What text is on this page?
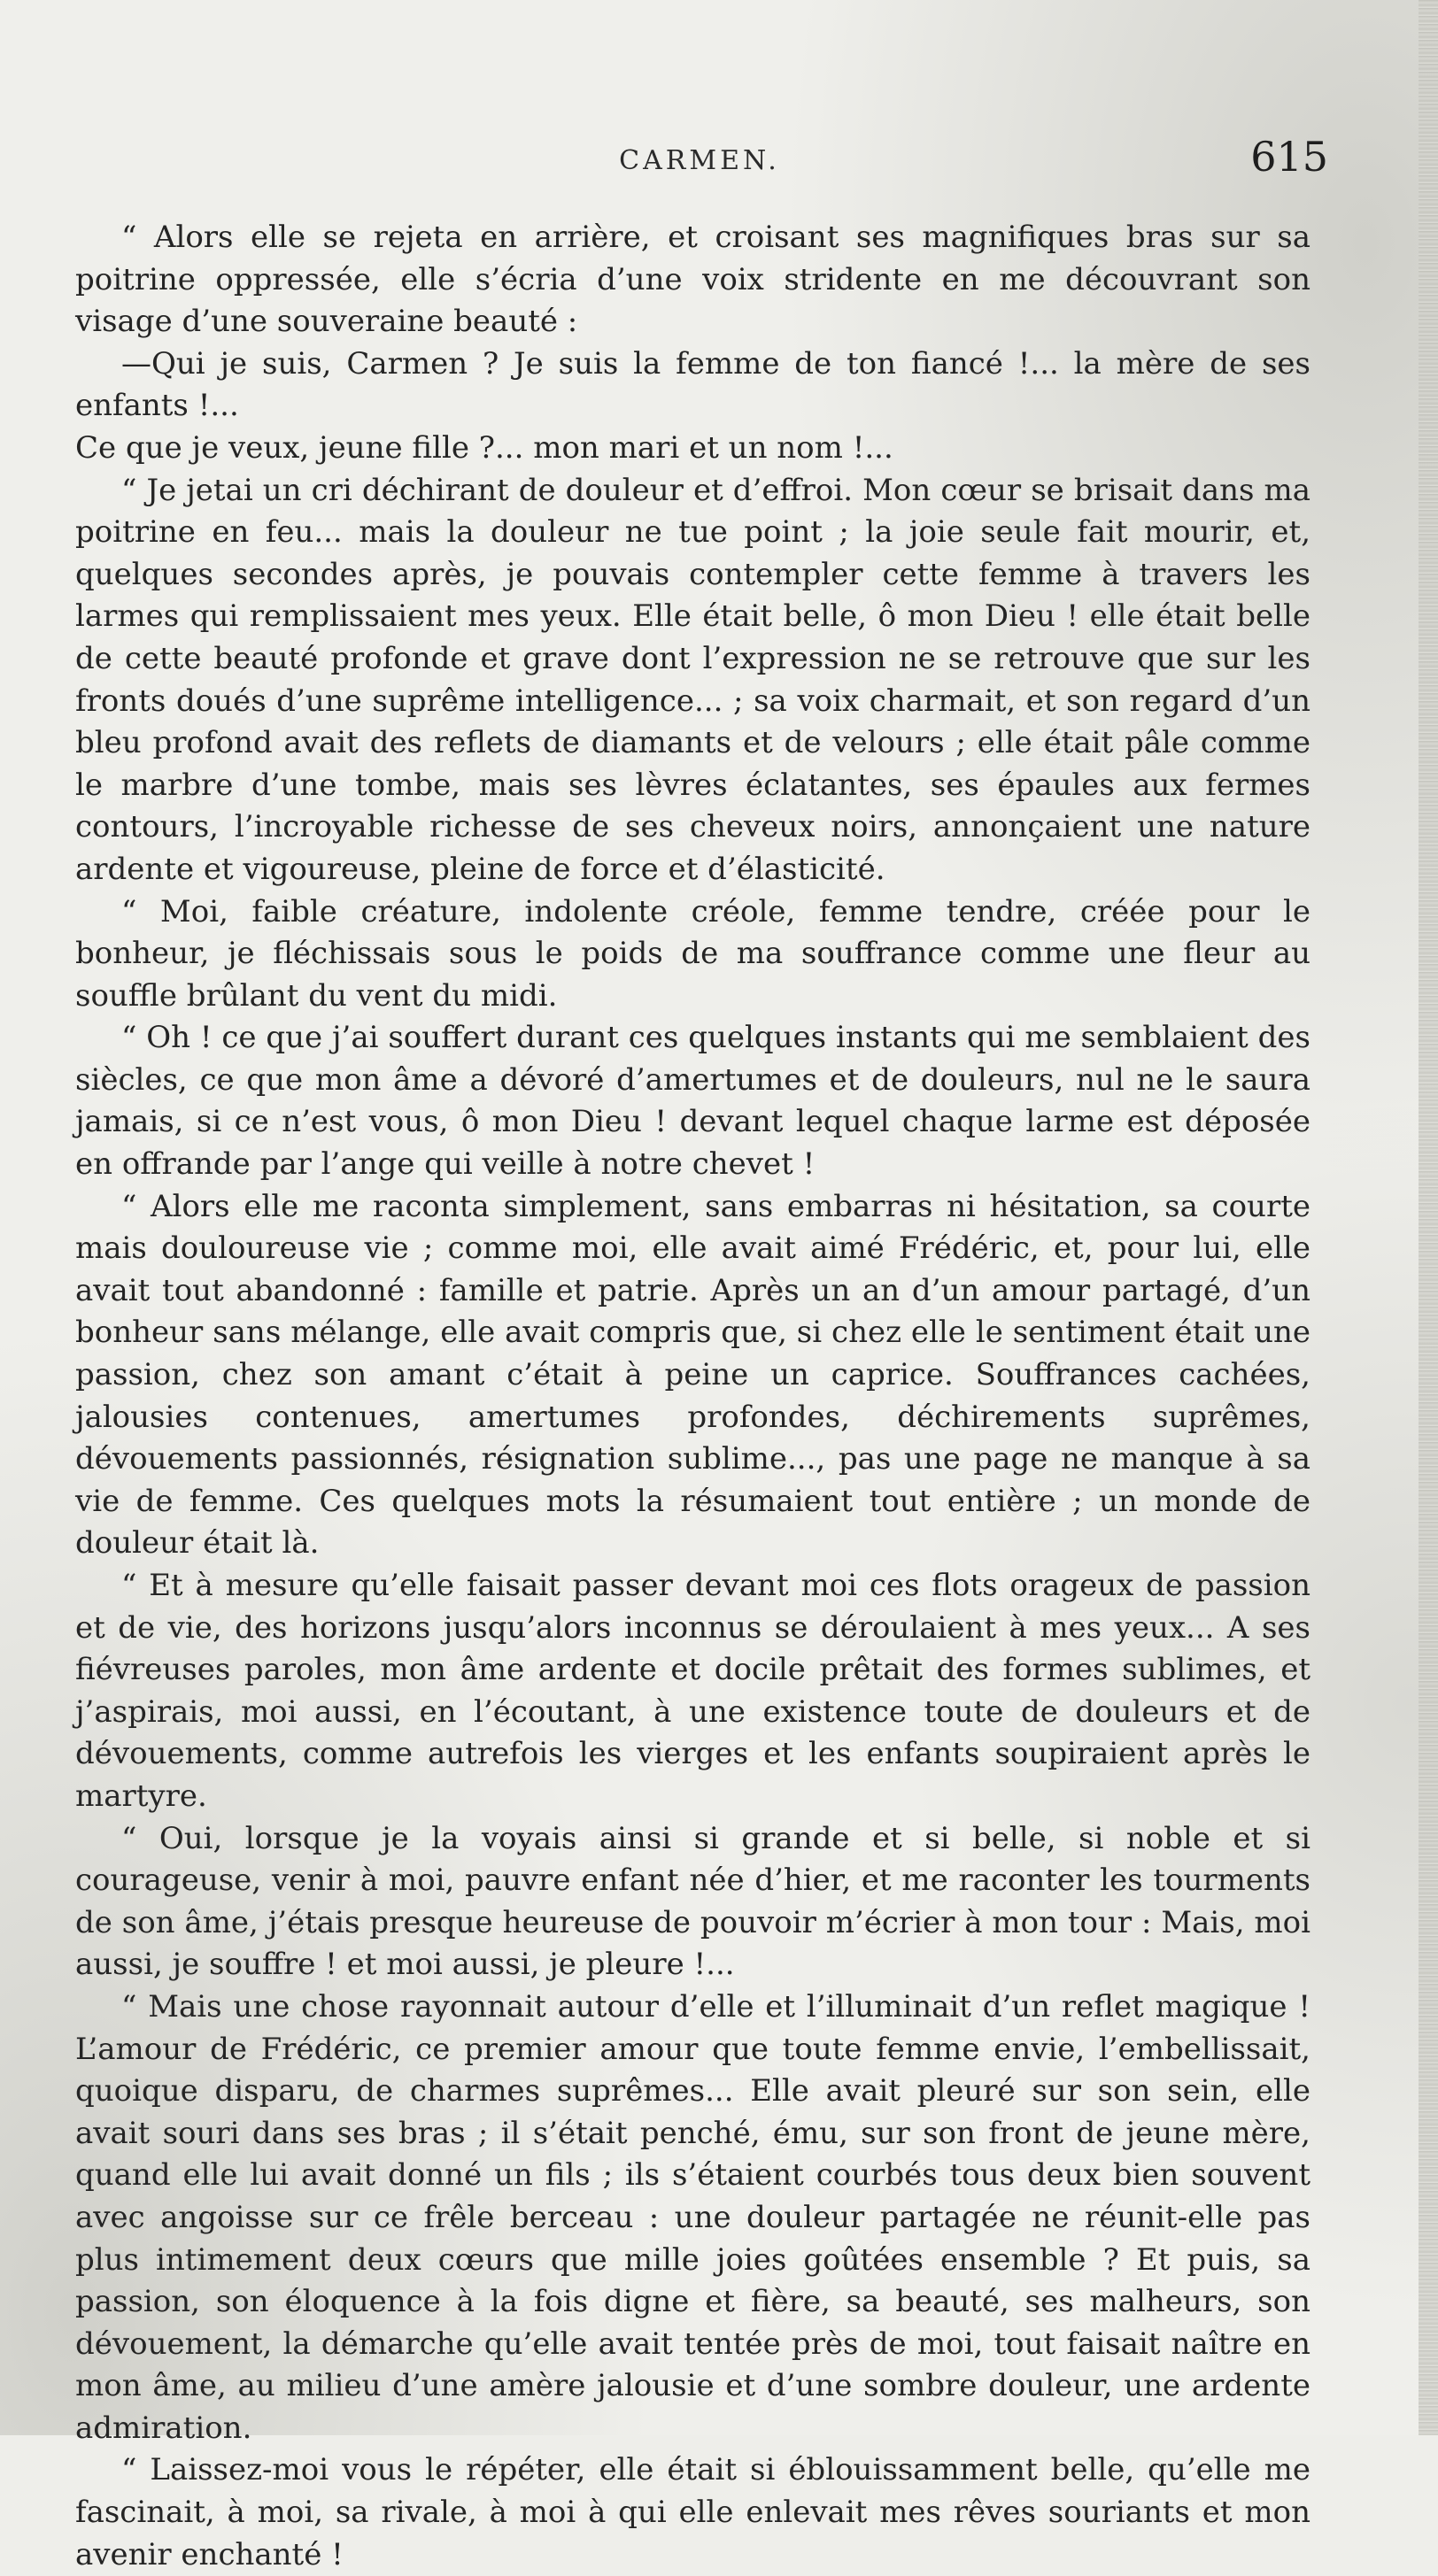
CARMEN.	615

“ Alors elle se rejeta en arrière, et croisant ses magnifiques bras sur sa poitrine oppressée, elle s’écria d’une voix stridente en me découvrant son visage d’une souveraine beauté :

—Qui je suis, Carmen ? Je suis la femme de ton fiancé !... la mère de ses enfants !...

Ce que je veux, jeune fille ?... mon mari et un nom !...

“ Je jetai un cri déchirant de douleur et d’effroi. Mon cœur se brisait dans ma poitrine en feu... mais la douleur ne tue point ; la joie seule fait mourir, et, quelques secondes après, je pouvais contempler cette femme à travers les larmes qui remplissaient mes yeux. Elle était belle, ô mon Dieu ! elle était belle de cette beauté profonde et grave dont l’expression ne se retrouve que sur les fronts doués d’une suprême intelligence... ; sa voix charmait, et son regard d’un bleu profond avait des reflets de diamants et de velours ; elle était pâle comme le marbre d’une tombe, mais ses lèvres éclatantes, ses épaules aux fermes contours, l’incroyable richesse de ses cheveux noirs, annonçaient une nature ardente et vigoureuse, pleine de force et d’élasticité.

“ Moi, faible créature, indolente créole, femme tendre, créée pour le bonheur, je fléchissais sous le poids de ma souffrance comme une fleur au souffle brûlant du vent du midi.

“ Oh ! ce que j’ai souffert durant ces quelques instants qui me semblaient des siècles, ce que mon âme a dévoré d’amertumes et de douleurs, nul ne le saura jamais, si ce n’est vous, ô mon Dieu ! devant lequel chaque larme est déposée en offrande par l’ange qui veille à notre chevet !

“ Alors elle me raconta simplement, sans embarras ni hésitation, sa courte mais douloureuse vie ; comme moi, elle avait aimé Frédéric, et, pour lui, elle avait tout abandonné : famille et patrie. Après un an d’un amour partagé, d’un bonheur sans mélange, elle avait compris que, si chez elle le sentiment était une passion, chez son amant c’était à peine un caprice. Souffrances cachées, jalousies contenues, amertumes profondes, déchirements suprêmes, dévouements passionnés, résignation sublime..., pas une page ne manque à sa vie de femme. Ces quelques mots la résumaient tout entière ; un monde de douleur était là.

“ Et à mesure qu’elle faisait passer devant moi ces flots orageux de passion et de vie, des horizons jusqu’alors inconnus se déroulaient à mes yeux... A ses fiévreuses paroles, mon âme ardente et docile prêtait des formes sublimes, et j’aspirais, moi aussi, en l’écoutant, à une existence toute de douleurs et de dévouements, comme autrefois les vierges et les enfants soupiraient après le martyre.

“ Oui, lorsque je la voyais ainsi si grande et si belle, si noble et si courageuse, venir à moi, pauvre enfant née d’hier, et me raconter les tourments de son âme, j’étais presque heureuse de pouvoir m’écrier à mon tour : Mais, moi aussi, je souffre ! et moi aussi, je pleure !...

“ Mais une chose rayonnait autour d’elle et l’illuminait d’un reflet magique ! L’amour de Frédéric, ce premier amour que toute femme envie, l’embellissait, quoique disparu, de charmes suprêmes... Elle avait pleuré sur son sein, elle avait souri dans ses bras ; il s’était penché, ému, sur son front de jeune mère, quand elle lui avait donné un fils ; ils s’étaient courbés tous deux bien souvent avec angoisse sur ce frêle berceau : une douleur partagée ne réunit-elle pas plus intimement deux cœurs que mille joies goûtées ensemble ? Et puis, sa passion, son éloquence à la fois digne et fière, sa beauté, ses malheurs, son dévouement, la démarche qu’elle avait tentée près de moi, tout faisait naître en mon âme, au milieu d’une amère jalousie et d’une sombre douleur, une ardente admiration.

“ Laissez-moi vous le répéter, elle était si éblouissamment belle, qu’elle me fascinait, à moi, sa rivale, à moi à qui elle enlevait mes rêves souriants et mon avenir enchanté !
